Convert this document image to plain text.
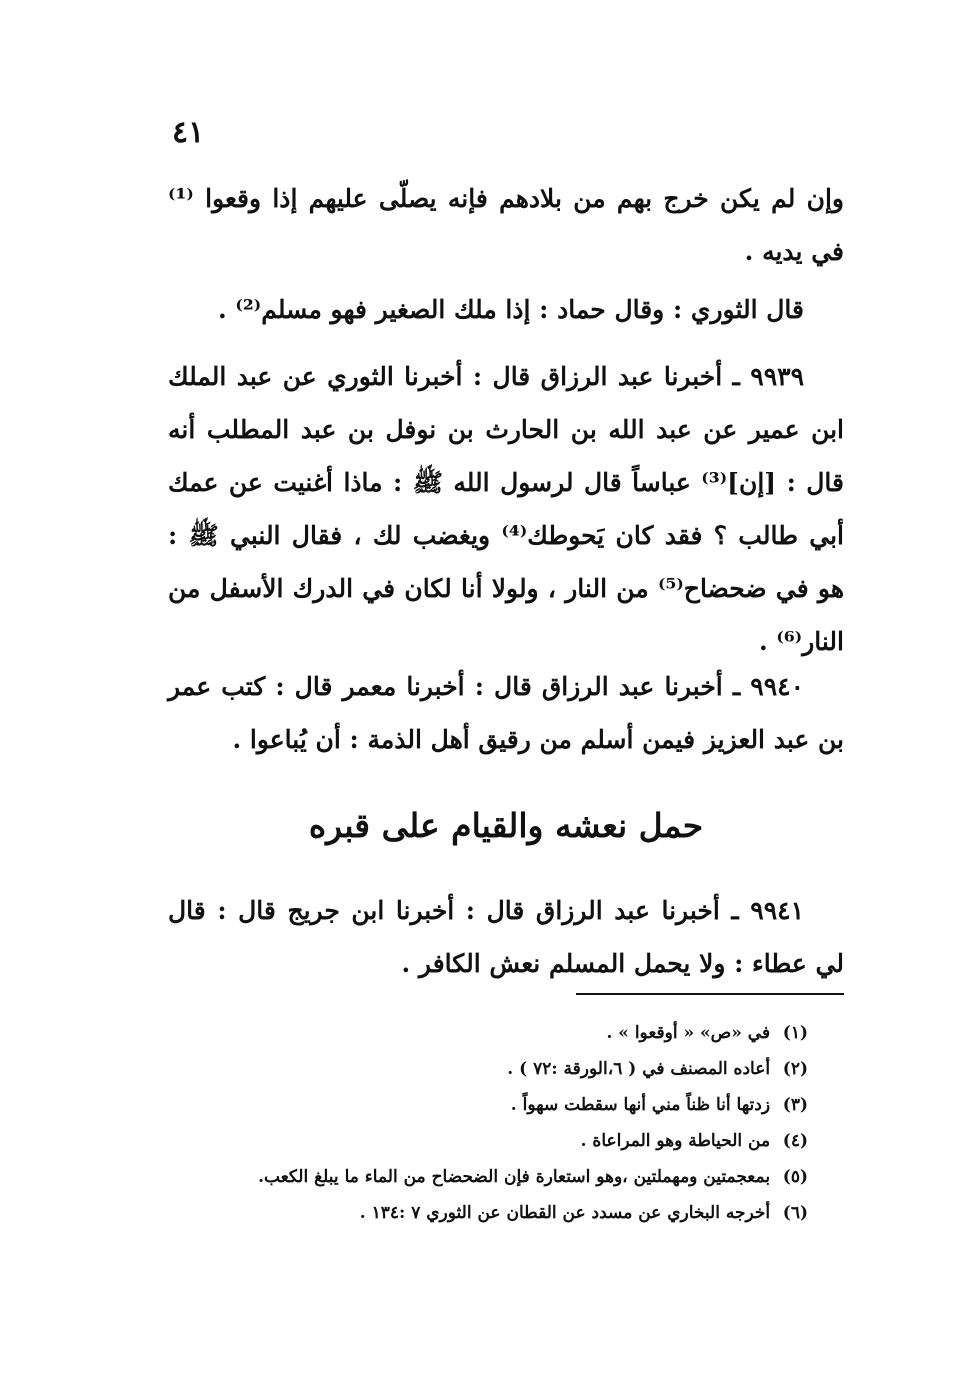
٤١
وإن لم يكن خرج بهم من بلادهم فإنه يصلّى عليهم إذا وقعوا ⁽¹⁾ في يديه .
قال الثوري : وقال حماد : إذا ملك الصغير فهو مسلم⁽²⁾ .
٩٩٣٩ ـ أخبرنا عبد الرزاق قال : أخبرنا الثوري عن عبد الملك ابن عمير عن عبد الله بن الحارث بن نوفل بن عبد المطلب أنه قال : [إن]⁽³⁾ عباساً قال لرسول الله ﷺ : ماذا أغنيت عن عمك أبي طالب ؟ فقد كان يَحوطك⁽⁴⁾ ويغضب لك ، فقال النبي ﷺ : هو في ضحضاح⁽⁵⁾ من النار ، ولولا أنا لكان في الدرك الأسفل من النار⁽⁶⁾ .
٩٩٤٠ ـ أخبرنا عبد الرزاق قال : أخبرنا معمر قال : كتب عمر بن عبد العزيز فيمن أسلم من رقيق أهل الذمة : أن يُباعوا .
حمل نعشه والقيام على قبره
٩٩٤١ ـ أخبرنا عبد الرزاق قال : أخبرنا ابن جريج قال : قال لي عطاء : ولا يحمل المسلم نعش الكافر .
(١) في «ص» « أوقعوا » .
(٢) أعاده المصنف في ( ٦،الورقة :٧٢ ) .
(٣) زدتها أنا ظناً مني أنها سقطت سهواً .
(٤) من الحياطة وهو المراعاة .
(٥) بمعجمتين ومهملتين ،وهو استعارة فإن الضحضاح من الماء ما يبلغ الكعب.
(٦) أخرجه البخاري عن مسدد عن القطان عن الثوري ٧ :١٣٤ .
